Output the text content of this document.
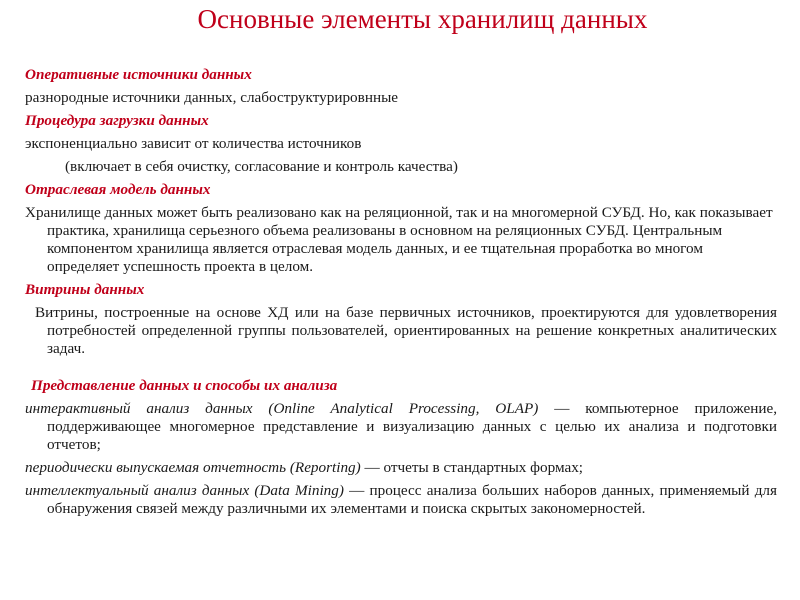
Основные элементы хранилищ данных
Оперативные источники данных
разнородные источники данных, слабоструктурировнные
Процедура загрузки данных
экспоненциально зависит от количества источников
(включает в себя очистку, согласование и контроль качества)
Отраслевая модель данных
Хранилище данных может быть реализовано как на реляционной, так и на многомерной СУБД. Но, как показывает практика, хранилища серьезного объема реализованы в основном на реляционных СУБД. Центральным компонентом хранилища является отраслевая модель данных, и ее тщательная проработка во многом определяет успешность проекта в целом.
Витрины данных
Витрины, построенные на основе ХД или на базе первичных источников, проектируются для удовлетворения потребностей определенной группы пользователей, ориентированных на решение конкретных аналитических задач.
Представление данных и способы их анализа
интерактивный анализ данных (Online Analytical Processing, OLAP) — компьютерное приложение, поддерживающее многомерное представление и визуализацию данных с целью их анализа и подготовки отчетов;
периодически выпускаемая отчетность (Reporting) — отчеты в стандартных формах;
интеллектуальный анализ данных (Data Mining) — процесс анализа больших наборов данных, применяемый для обнаружения связей между различными их элементами и поиска скрытых закономерностей.
